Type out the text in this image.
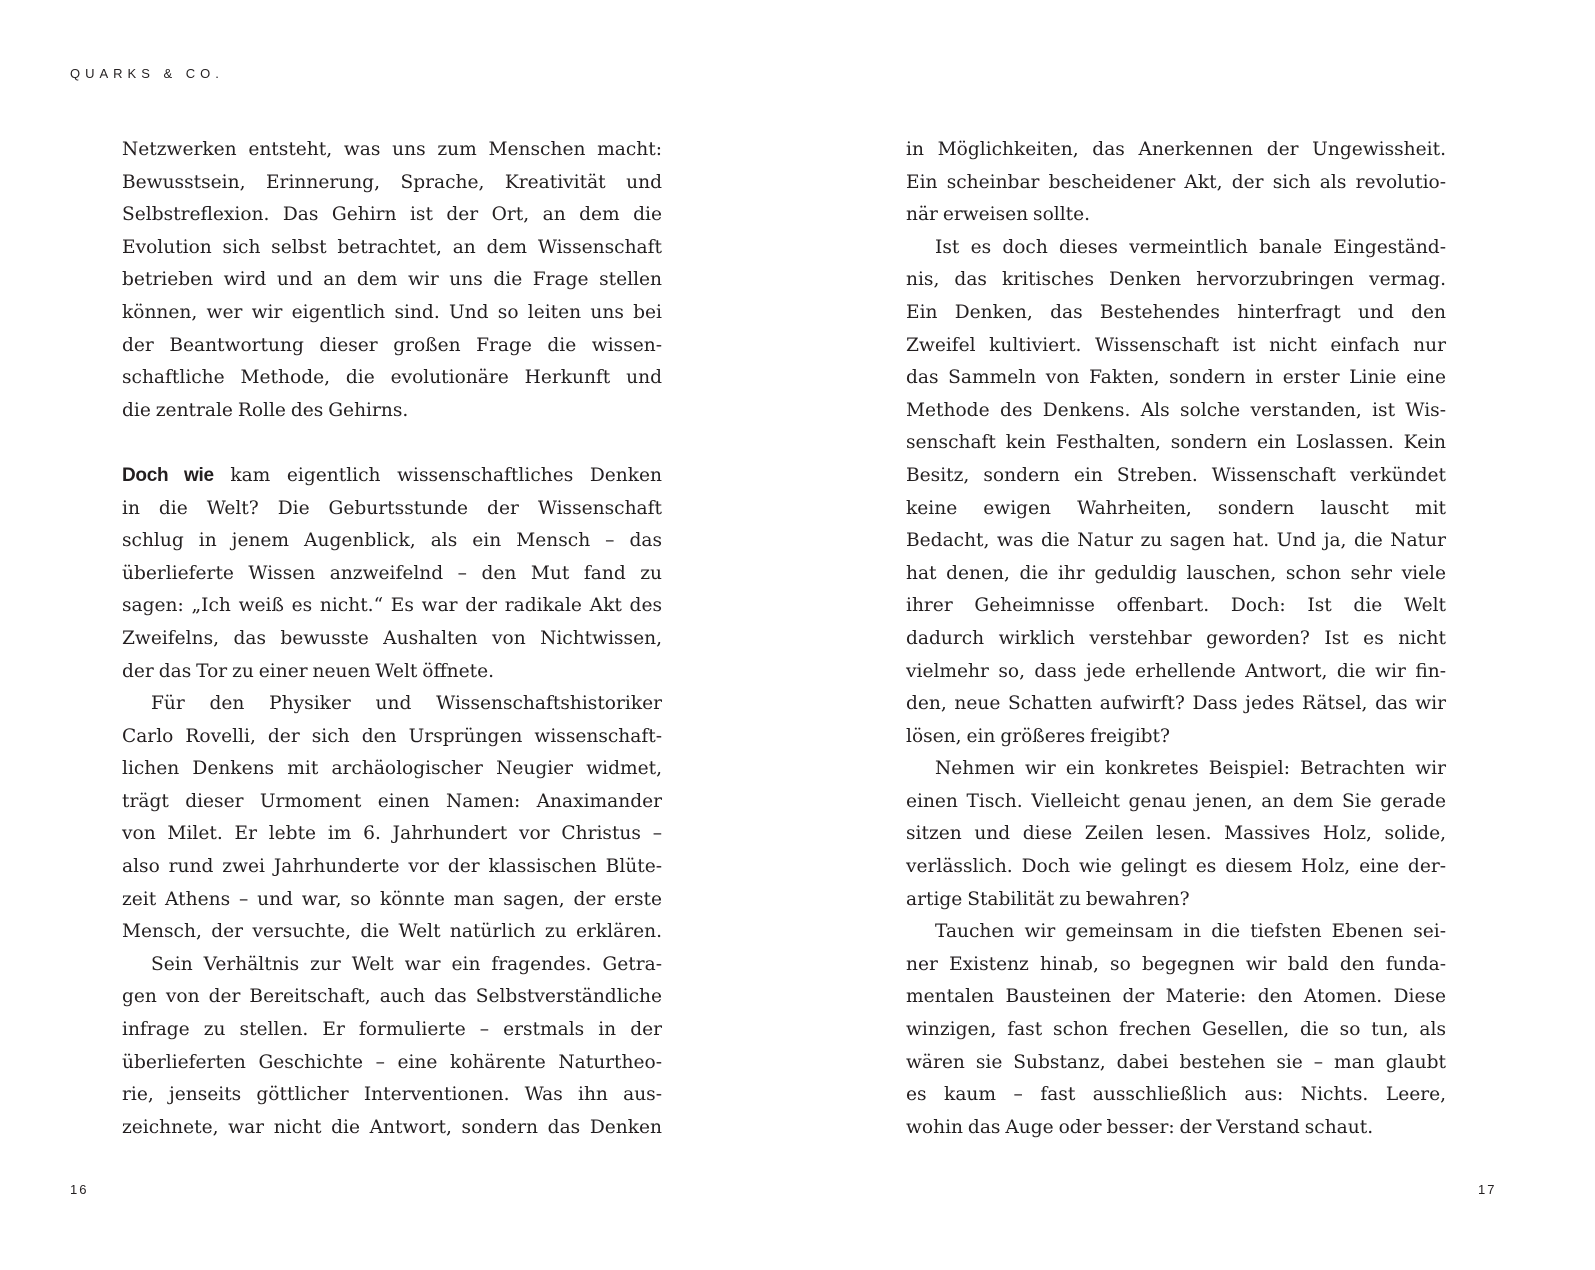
QUARKS & CO.
Netzwerken entsteht, was uns zum Menschen macht:
Bewusstsein, Erinnerung, Sprache, Kreativität und
Selbstreflexion. Das Gehirn ist der Ort, an dem die
Evolution sich selbst betrachtet, an dem Wissenschaft
betrieben wird und an dem wir uns die Frage stellen
können, wer wir eigentlich sind. Und so leiten uns bei
der Beantwortung dieser großen Frage die wissen-
schaftliche Methode, die evolutionäre Herkunft und
die zentrale Rolle des Gehirns.
Doch wie kam eigentlich wissenschaftliches Denken
in die Welt? Die Geburtsstunde der Wissenschaft
schlug in jenem Augenblick, als ein Mensch – das
überlieferte Wissen anzweifelnd – den Mut fand zu
sagen: „Ich weiß es nicht.“ Es war der radikale Akt des
Zweifelns, das bewusste Aushalten von Nichtwissen,
der das Tor zu einer neuen Welt öffnete.
Für den Physiker und Wissenschaftshistoriker
Carlo Rovelli, der sich den Ursprüngen wissenschaft-
lichen Denkens mit archäologischer Neugier widmet,
trägt dieser Urmoment einen Namen: Anaximander
von Milet. Er lebte im 6. Jahrhundert vor Christus –
also rund zwei Jahrhunderte vor der klassischen Blüte-
zeit Athens – und war, so könnte man sagen, der erste
Mensch, der versuchte, die Welt natürlich zu erklären.
Sein Verhältnis zur Welt war ein fragendes. Getra-
gen von der Bereitschaft, auch das Selbstverständliche
infrage zu stellen. Er formulierte – erstmals in der
überlieferten Geschichte – eine kohärente Naturtheo-
rie, jenseits göttlicher Interventionen. Was ihn aus-
zeichnete, war nicht die Antwort, sondern das Denken
in Möglichkeiten, das Anerkennen der Ungewissheit.
Ein scheinbar bescheidener Akt, der sich als revolutio-
när erweisen sollte.
Ist es doch dieses vermeintlich banale Eingeständ-
nis, das kritisches Denken hervorzubringen vermag.
Ein Denken, das Bestehendes hinterfragt und den
Zweifel kultiviert. Wissenschaft ist nicht einfach nur
das Sammeln von Fakten, sondern in erster Linie eine
Methode des Denkens. Als solche verstanden, ist Wis-
senschaft kein Festhalten, sondern ein Loslassen. Kein
Besitz, sondern ein Streben. Wissenschaft verkündet
keine ewigen Wahrheiten, sondern lauscht mit
Bedacht, was die Natur zu sagen hat. Und ja, die Natur
hat denen, die ihr geduldig lauschen, schon sehr viele
ihrer Geheimnisse offenbart. Doch: Ist die Welt
dadurch wirklich verstehbar geworden? Ist es nicht
vielmehr so, dass jede erhellende Antwort, die wir fin-
den, neue Schatten aufwirft? Dass jedes Rätsel, das wir
lösen, ein größeres freigibt?
Nehmen wir ein konkretes Beispiel: Betrachten wir
einen Tisch. Vielleicht genau jenen, an dem Sie gerade
sitzen und diese Zeilen lesen. Massives Holz, solide,
verlässlich. Doch wie gelingt es diesem Holz, eine der-
artige Stabilität zu bewahren?
Tauchen wir gemeinsam in die tiefsten Ebenen sei-
ner Existenz hinab, so begegnen wir bald den funda-
mentalen Bausteinen der Materie: den Atomen. Diese
winzigen, fast schon frechen Gesellen, die so tun, als
wären sie Substanz, dabei bestehen sie – man glaubt
es kaum – fast ausschließlich aus: Nichts. Leere,
wohin das Auge oder besser: der Verstand schaut.
16	17
